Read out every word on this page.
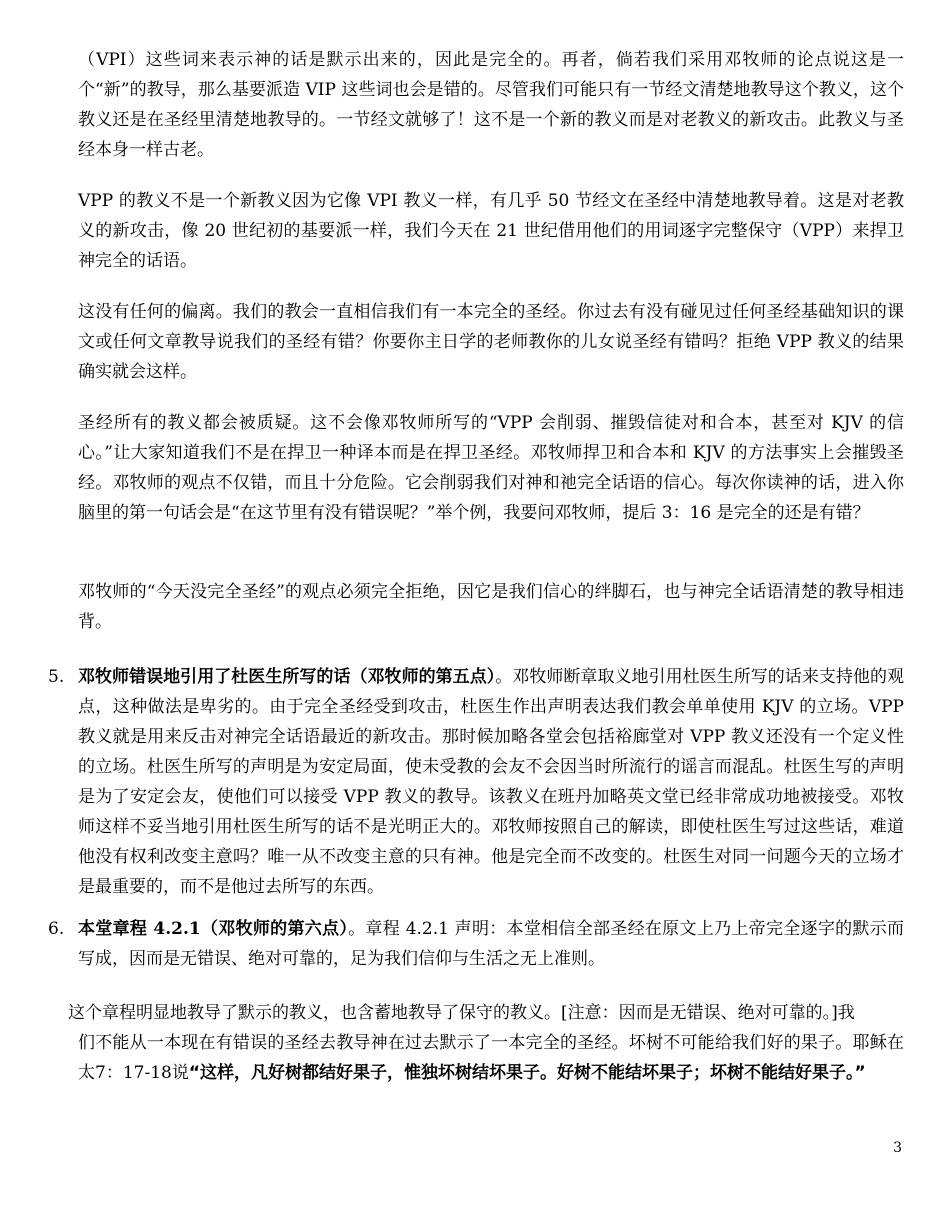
（VPI）这些词来表示神的话是默示出来的，因此是完全的。再者，倘若我们采用邓牧师的论点说这是一个“新”的教导，那么基要派造 VIP 这些词也会是错的。尽管我们可能只有一节经文清楚地教导这个教义，这个教义还是在圣经里清楚地教导的。一节经文就够了！这不是一个新的教义而是对老教义的新攻击。此教义与圣经本身一样古老。

VPP 的教义不是一个新教义因为它像 VPI 教义一样，有几乎 50 节经文在圣经中清楚地教导着。这是对老教义的新攻击，像 20 世纪初的基要派一样，我们今天在 21 世纪借用他们的用词逐字完整保守（VPP）来捍卫神完全的话语。

这没有任何的偏离。我们的教会一直相信我们有一本完全的圣经。你过去有没有碰见过任何圣经基础知识的课文或任何文章教导说我们的圣经有错？你要你主日学的老师教你的儿女说圣经有错吗？拒绝 VPP 教义的结果确实就会这样。

圣经所有的教义都会被质疑。这不会像邓牧师所写的“VPP 会削弱、摧毁信徒对和合本，甚至对 KJV 的信心。”让大家知道我们不是在捍卫一种译本而是在捍卫圣经。邓牧师捍卫和合本和 KJV 的方法事实上会摧毁圣经。邓牧师的观点不仅错，而且十分危险。它会削弱我们对神和祂完全话语的信心。每次你读神的话，进入你脑里的第一句话会是“在这节里有没有错误呢？”举个例，我要问邓牧师，提后 3：16 是完全的还是有错？

邓牧师的“今天没完全圣经”的观点必须完全拒绝，因它是我们信心的绊脚石，也与神完全话语清楚的教导相违背。

5. 邓牧师错误地引用了杜医生所写的话（邓牧师的第五点）。邓牧师断章取义地引用杜医生所写的话来支持他的观点，这种做法是卑劣的。由于完全圣经受到攻击，杜医生作出声明表达我们教会单单使用 KJV 的立场。VPP 教义就是用来反击对神完全话语最近的新攻击。那时候加略各堂会包括裕廊堂对 VPP 教义还没有一个定义性的立场。杜医生所写的声明是为安定局面，使未受教的会友不会因当时所流行的谣言而混乱。杜医生写的声明是为了安定会友，使他们可以接受 VPP 教义的教导。该教义在班丹加略英文堂已经非常成功地被接受。邓牧师这样不妥当地引用杜医生所写的话不是光明正大的。邓牧师按照自己的解读，即使杜医生写过这些话，难道他没有权利改变主意吗？唯一从不改变主意的只有神。他是完全而不改变的。杜医生对同一问题今天的立场才是最重要的，而不是他过去所写的东西。
6. 本堂章程 4.2.1（邓牧师的第六点）。章程 4.2.1 声明：本堂相信全部圣经在原文上乃上帝完全逐字的默示而写成，因而是无错误、绝对可靠的，足为我们信仰与生活之无上准则。
这个章程明显地教导了默示的教义，也含蓄地教导了保守的教义。[注意：因而是无错误、绝对可靠的。]我
们不能从一本现在有错误的圣经去教导神在过去默示了一本完全的圣经。坏树不可能给我们好的果子。耶稣在太7：17-18说“这样，凡好树都结好果子，惟独坏树结坏果子。好树不能结坏果子；坏树不能结好果子。”
3
